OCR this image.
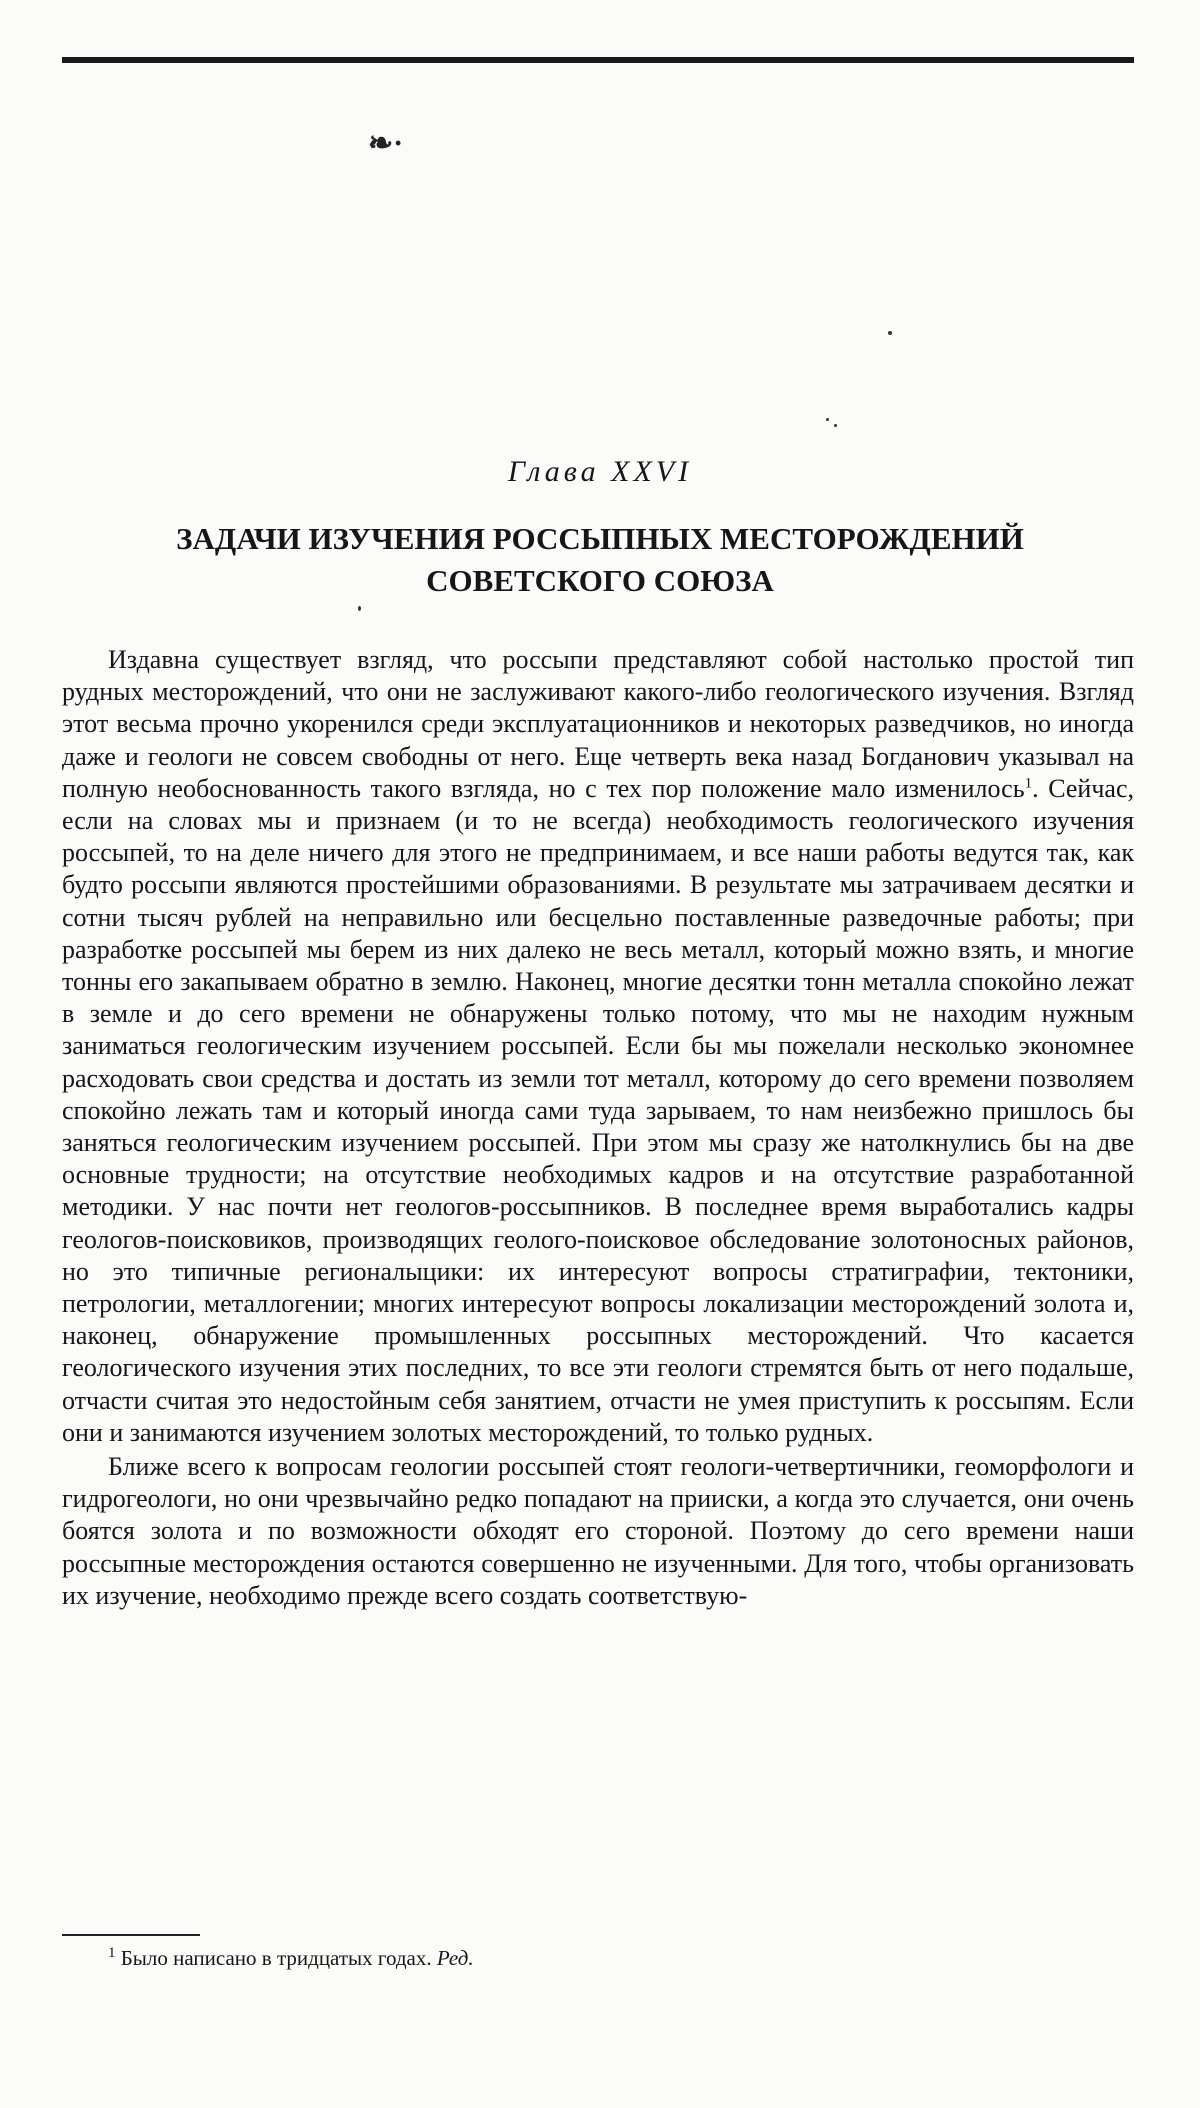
❧·
Глава XXVI
ЗАДАЧИ ИЗУЧЕНИЯ РОССЫПНЫХ МЕСТОРОЖДЕНИЙ
СОВЕТСКОГО СОЮЗА

Издавна существует взгляд, что россыпи представляют собой настолько простой тип рудных месторождений, что они не заслуживают какого-либо геологического изучения. Взгляд этот весьма прочно укоренился среди эксплуатационников и некоторых разведчиков, но иногда даже и геологи не совсем свободны от него. Еще четверть века назад Богданович указывал на полную необоснованность такого взгляда, но с тех пор положение мало изменилось$^1$. Сейчас, если на словах мы и признаем (и то не всегда) необходимость геологического изучения россыпей, то на деле ничего для этого не предпринимаем, и все наши работы ведутся так, как будто россыпи являются простейшими образованиями. В результате мы затрачиваем десятки и сотни тысяч рублей на неправильно или бесцельно поставленные разведочные работы; при разработке россыпей мы берем из них далеко не весь металл, который можно взять, и многие тонны его закапываем обратно в землю. Наконец, многие десятки тонн металла спокойно лежат в земле и до сего времени не обнаружены только потому, что мы не находим нужным заниматься геологическим изучением россыпей. Если бы мы пожелали несколько экономнее расходовать свои средства и достать из земли тот металл, которому до сего времени позволяем спокойно лежать там и который иногда сами туда зарываем, то нам неизбежно пришлось бы заняться геологическим изучением россыпей. При этом мы сразу же натолкнулись бы на две основные трудности; на отсутствие необходимых кадров и на отсутствие разработанной методики. У нас почти нет геологов-россыпников. В последнее время выработались кадры геологов-поисковиков, производящих геолого-поисковое обследование золотоносных районов, но это типичные регионалыцики: их интересуют вопросы стратиграфии, тектоники, петрологии, металлогении; многих интересуют вопросы локализации месторождений золота и, наконец, обнаружение промышленных россыпных месторождений. Что касается геологического изучения этих последних, то все эти геологи стремятся быть от него подальше, отчасти считая это недостойным себя занятием, отчасти не умея приступить к россыпям. Если они и занимаются изучением золотых месторождений, то только рудных.

Ближе всего к вопросам геологии россыпей стоят геологи-четвертичники, геоморфологи и гидрогеологи, но они чрезвычайно редко попадают на прииски, а когда это случается, они очень боятся золота и по возможности обходят его стороной. Поэтому до сего времени наши россыпные месторождения остаются совершенно не изученными. Для того, чтобы организовать их изучение, необходимо прежде всего создать соответствую-

$^1$ Было написано в тридцатых годах. Ред.
